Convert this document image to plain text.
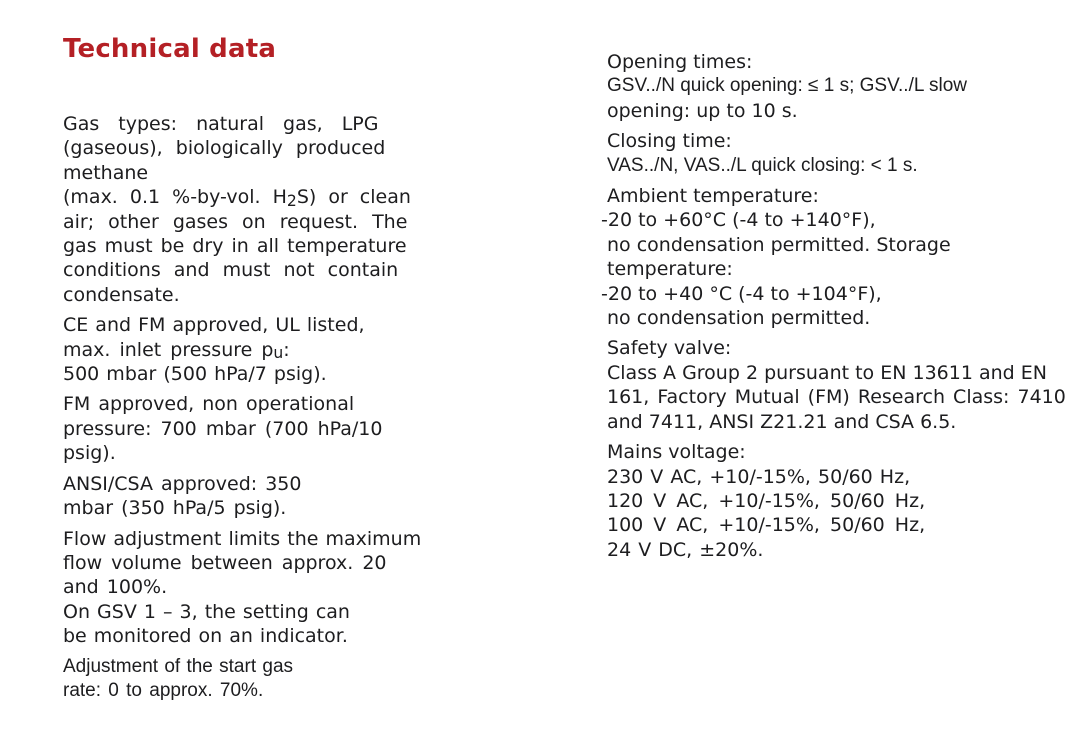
Technical data
Gas types: natural gas, LPG
(gaseous), biologically produced
methane
(max. 0.1 %-by-vol. $H_2S$) or clean
air; other gases on request. The
gas must be dry in all temperature
conditions and must not contain
condensate.
CE and FM approved, UL listed,
max. inlet pressure $p_u$:
500 mbar (500 hPa/7 psig).
FM approved, non operational
pressure: 700 mbar (700 hPa/10
psig).
ANSI/CSA approved: 350
mbar (350 hPa/5 psig).
Flow adjustment limits the maximum
flow volume between approx. 20
and 100%.
On GSV 1 – 3, the setting can
be monitored on an indicator.
Adjustment of the start gas
rate: 0 to approx. 70%.
Opening times:
GSV../N quick opening: ≤ 1 s; GSV../L slow
opening: up to 10 s.
Closing time:
VAS../N, VAS../L quick closing: < 1 s.
Ambient temperature:
-20 to +60°C (-4 to +140°F),
no condensation permitted. Storage
temperature:
-20 to +40 °C (-4 to +104°F),
no condensation permitted.
Safety valve:
Class A Group 2 pursuant to EN 13611 and EN
161, Factory Mutual (FM) Research Class: 7410
and 7411, ANSI Z21.21 and CSA 6.5.
Mains voltage:
230 V AC, +10/-15%, 50/60 Hz,
120 V AC, +10/-15%, 50/60 Hz,
100 V AC, +10/-15%, 50/60 Hz,
24 V DC, ±20%.
